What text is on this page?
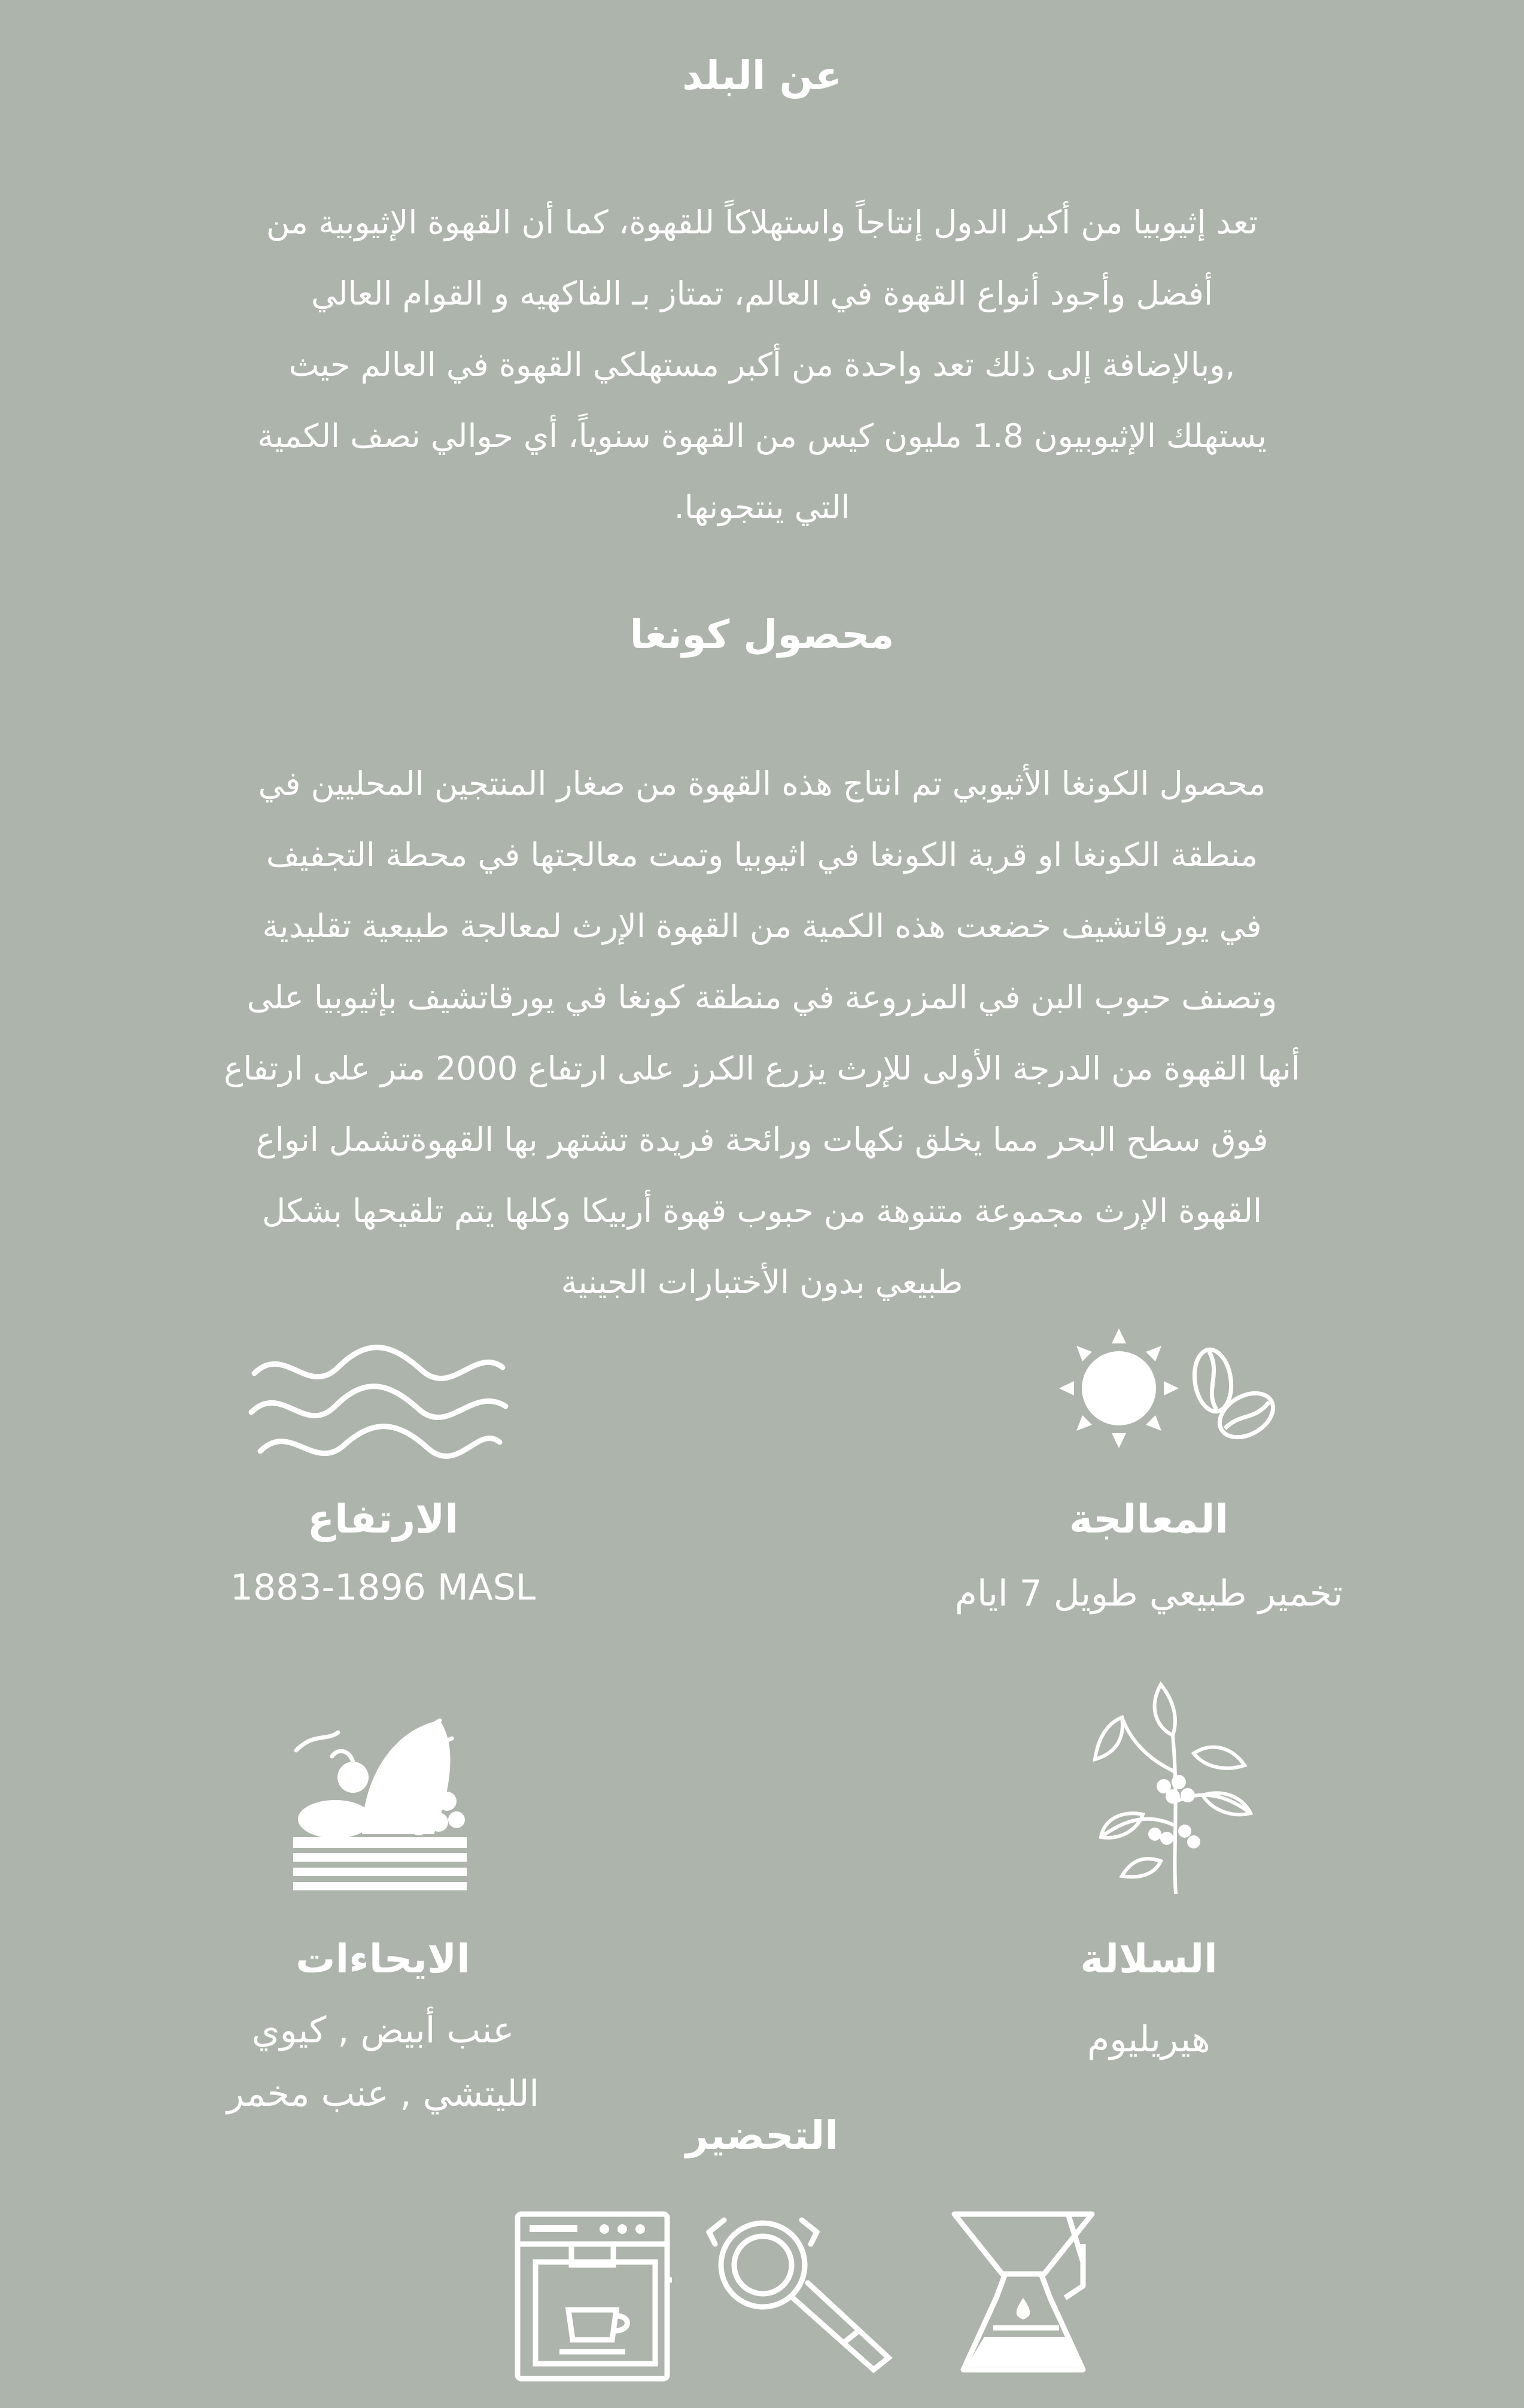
عن البلد
تعد إثيوبيا من أكبر الدول إنتاجاً واستهلاكاً للقهوة، كما أن القهوة الإثيوبية من
أفضل وأجود أنواع القهوة في العالم، تمتاز بـ الفاكهيه و القوام العالي
,وبالإضافة إلى ذلك تعد واحدة من أكبر مستهلكي القهوة في العالم حيث
يستهلك الإثيوبيون 1.8 مليون كيس من القهوة سنوياً، أي حوالي نصف الكمية
التي ينتجونها.
محصول كونغا
محصول الكونغا الأثيوبي تم انتاج هذه القهوة من صغار المنتجين المحليين في
منطقة الكونغا او قرية الكونغا في اثيوبيا وتمت معالجتها في محطة التجفيف
في يورقاتشيف خضعت هذه الكمية من القهوة الإرث لمعالجة طبيعية تقليدية
وتصنف حبوب البن في المزروعة في منطقة كونغا في يورقاتشيف بإثيوبيا على
أنها القهوة من الدرجة الأولى للإرث يزرع الكرز على ارتفاع 2000 متر على ارتفاع
فوق سطح البحر مما يخلق نكهات ورائحة فريدة تشتهر بها القهوةتشمل انواع
القهوة الإرث مجموعة متنوهة من حبوب قهوة أربيكا وكلها يتم تلقيحها بشكل
طبيعي بدون الأختبارات الجينية
المعالجة
تخمير طبيعي طويل 7 ايام
الارتفاع
1883-1896 MASL
السلالة
هيريليوم
الايحاءات
عنب أبيض , كيوي
الليتشي , عنب مخمر
التحضير
